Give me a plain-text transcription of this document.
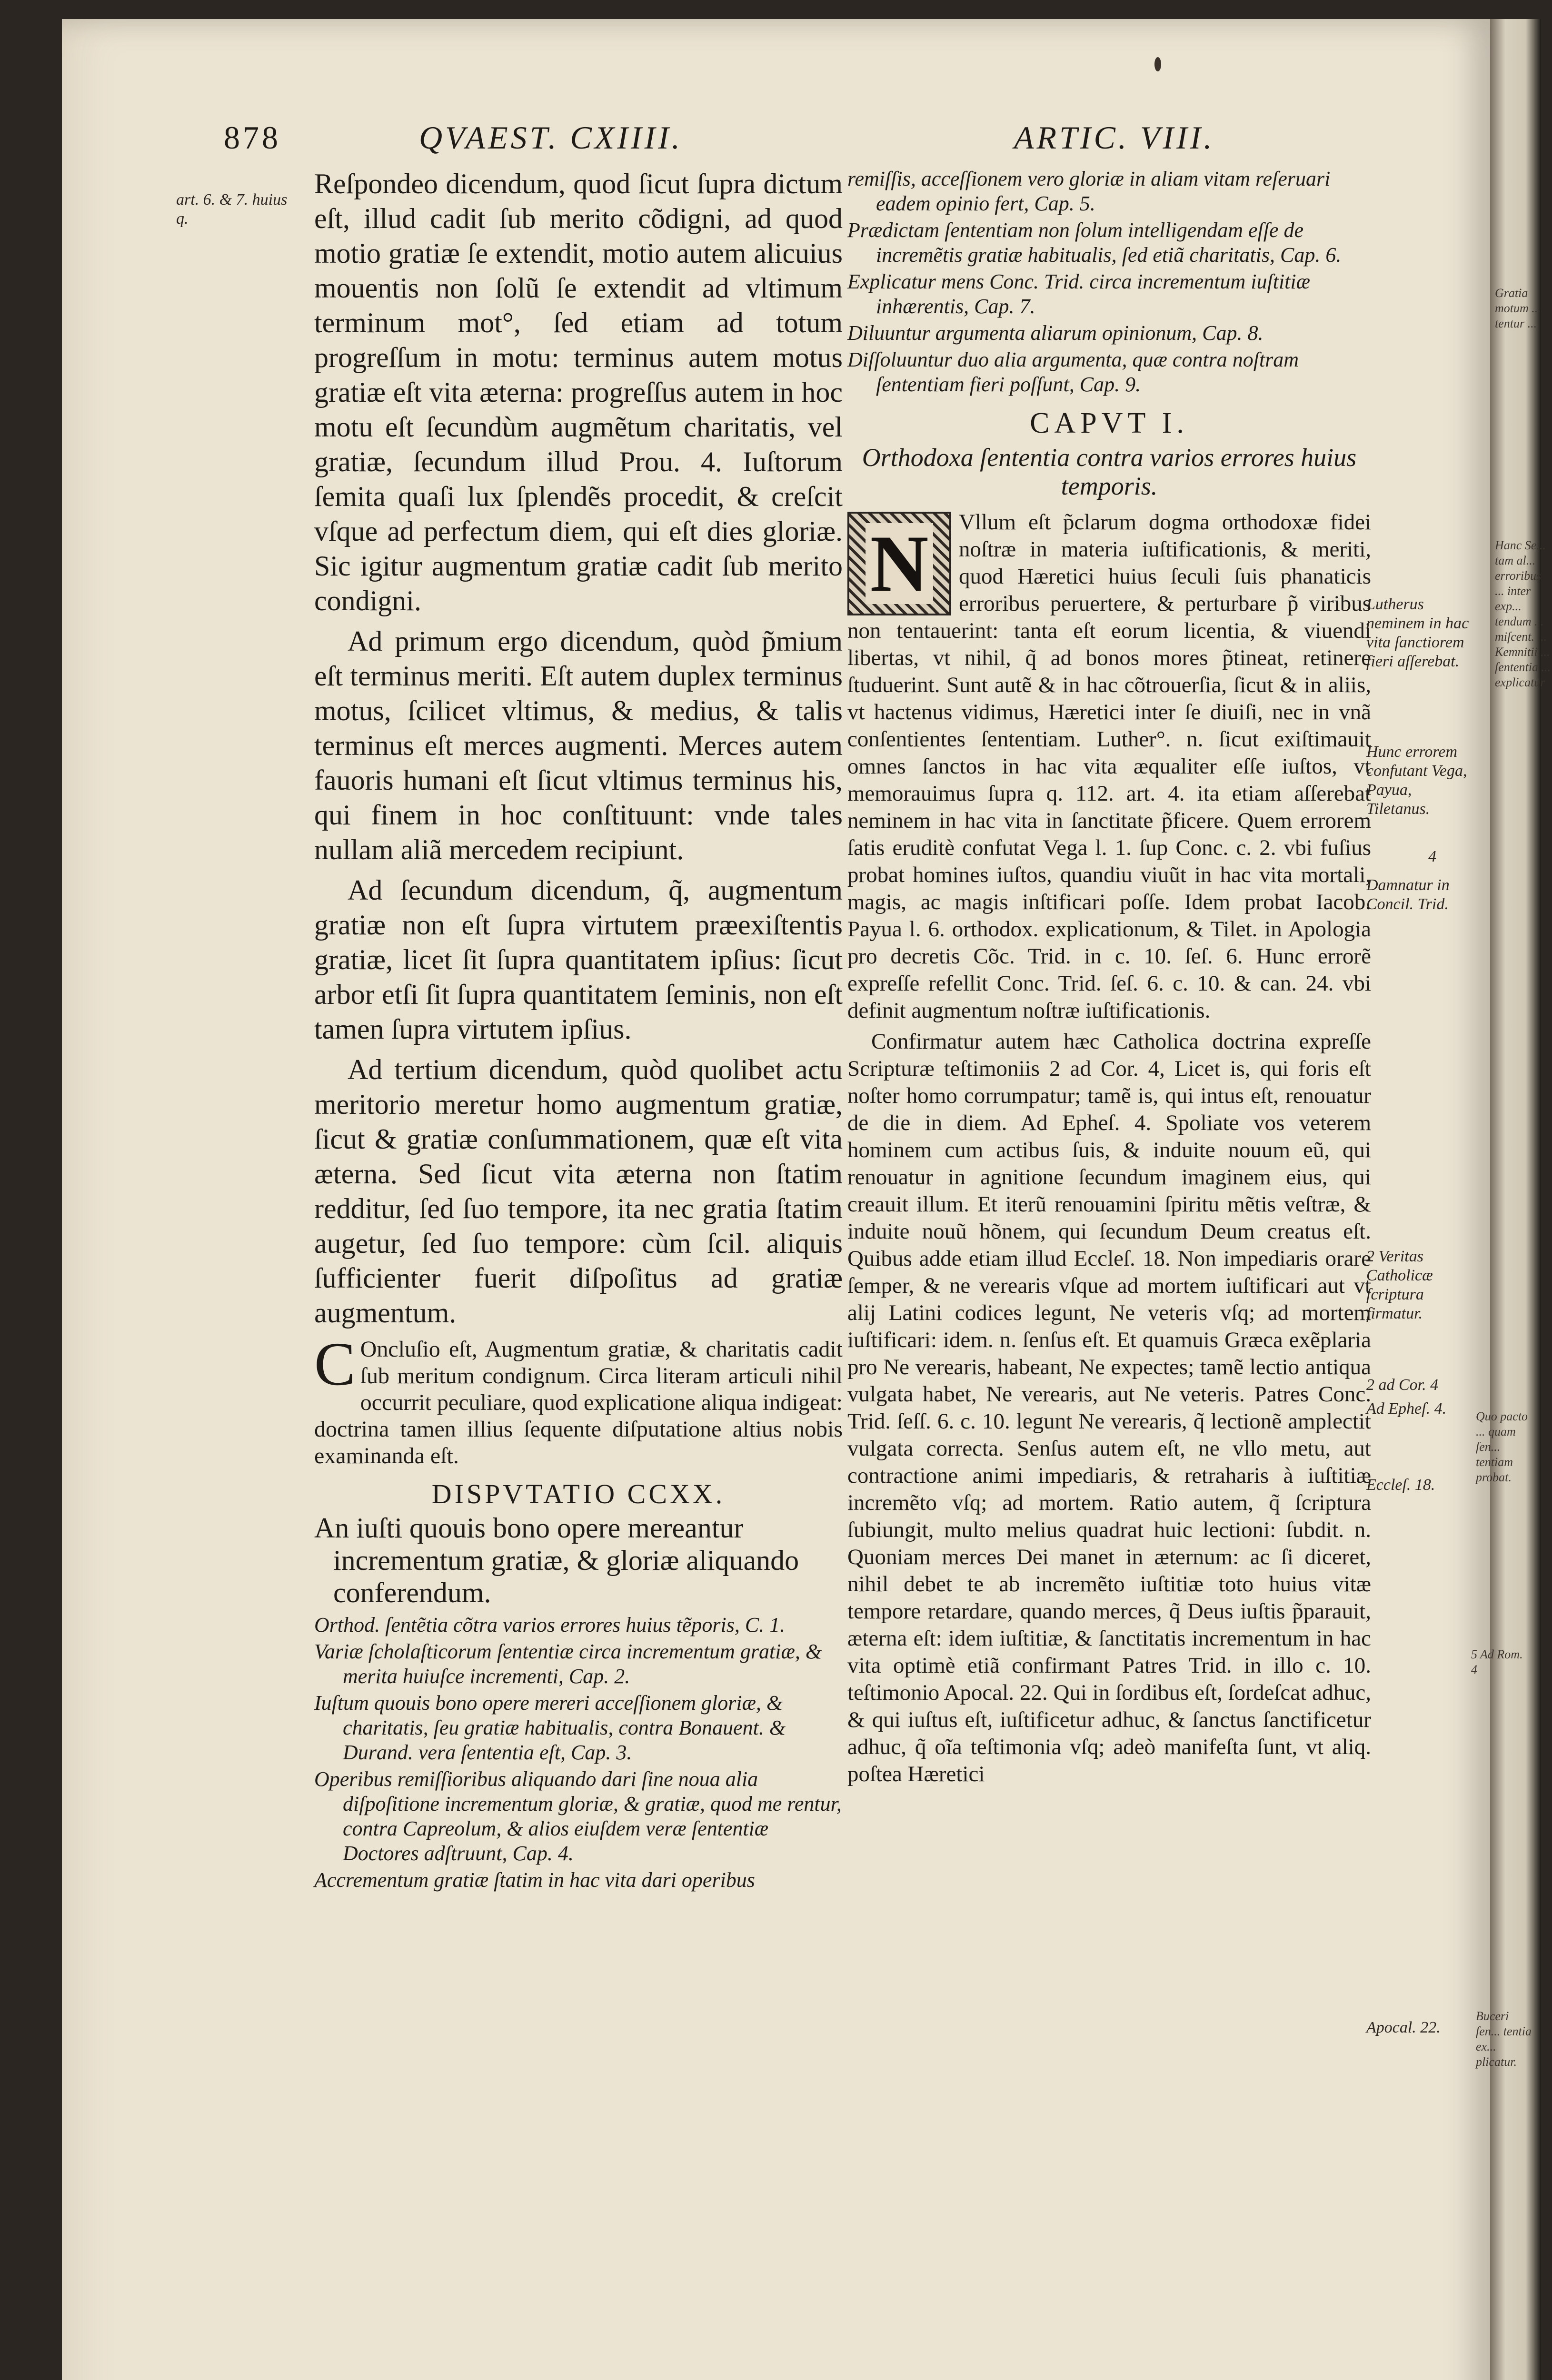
878	QVAEST. CXIIII.	ARTIC. VIII.
art. 6. & 7. huius q.

Reſpondeo dicendum, quod ſicut ſupra dictum eſt, illud cadit ſub merito cõdigni, ad quod motio gratiæ ſe extendit, motio autem alicuius mouentis non ſolũ ſe extendit ad vltimum terminum mot°, ſed etiam ad totum progreſſum in motu: terminus autem motus gratiæ eſt vita æterna: progreſſus autem in hoc motu eſt ſecundùm augmẽtum charitatis, vel gratiæ, ſecundum illud Prou. 4. Iuſtorum ſemita quaſi lux ſplendẽs procedit, & creſcit vſque ad perfectum diem, qui eſt dies gloriæ. Sic igitur augmentum gratiæ cadit ſub merito condigni.

Ad primum ergo dicendum, quòd p̃mium eſt terminus meriti. Eſt autem duplex terminus motus, ſcilicet vltimus, & medius, & talis terminus eſt merces augmenti. Merces autem fauoris humani eſt ſicut vltimus terminus his, qui finem in hoc conſtituunt: vnde tales nullam aliã mercedem recipiunt.

Ad ſecundum dicendum, q̃, augmentum gratiæ non eſt ſupra virtutem præexiſtentis gratiæ, licet ſit ſupra quantitatem ipſius: ſicut arbor etſi ſit ſupra quantitatem ſeminis, non eſt tamen ſupra virtutem ipſius.

Ad tertium dicendum, quòd quolibet actu meritorio meretur homo augmentum gratiæ, ſicut & gratiæ conſummationem, quæ eſt vita æterna. Sed ſicut vita æterna non ſtatim redditur, ſed ſuo tempore, ita nec gratia ſtatim augetur, ſed ſuo tempore: cùm ſcil. aliquis ſufficienter fuerit diſpoſitus ad gratiæ augmentum.

C Oncluſio eſt, Augmentum gratiæ, & charitatis cadit ſub meritum condignum. Circa literam articuli nihil occurrit peculiare, quod explicatione aliqua indigeat: doctrina tamen illius ſequente diſputatione altius nobis examinanda eſt.
DISPVTATIO CCXX.
An iuſti quouis bono opere mereantur incrementum gratiæ, & gloriæ aliquando conferendum.
Orthod. ſentẽtia cõtra varios errores huius tẽporis, C. 1.
Variæ ſcholaſticorum ſententiæ circa incrementum gratiæ, & merita huiuſce incrementi, Cap. 2.
Iuſtum quouis bono opere mereri acceſſionem gloriæ, & charitatis, ſeu gratiæ habitualis, contra Bonauent. & Durand. vera ſententia eſt, Cap. 3.
Operibus remiſſioribus aliquando dari ſine noua alia diſpoſitione incrementum gloriæ, & gratiæ, quod me rentur, contra Capreolum, & alios eiuſdem veræ ſententiæ Doctores adſtruunt, Cap. 4.
Accrementum gratiæ ſtatim in hac vita dari operibus
remiſſis, acceſſionem vero gloriæ in aliam vitam reſeruari eadem opinio fert, Cap. 5.
Prædictam ſententiam non ſolum intelligendam eſſe de incremẽtis gratiæ habitualis, ſed etiã charitatis, Cap. 6.
Explicatur mens Conc. Trid. circa incrementum iuſtitiæ inhærentis, Cap. 7.
Diluuntur argumenta aliarum opinionum, Cap. 8.
Diſſoluuntur duo alia argumenta, quæ contra noſtram ſententiam fieri poſſunt, Cap. 9.
CAPVT I.
Orthodoxa ſententia contra varios errores huius temporis.
N Vllum eſt p̃clarum dogma orthodoxæ fidei noſtræ in materia iuſtificationis, & meriti, quod Hæretici huius ſeculi ſuis phanaticis erroribus peruertere, & perturbare p̃ viribus non tentauerint: tanta eſt eorum licentia, & viuendi libertas, vt nihil, q̃ ad bonos mores p̃tineat, retinere ſtuduerint. Sunt autẽ & in hac cõtrouerſia, ſicut & in aliis, vt hactenus vidimus, Hæretici inter ſe diuiſi, nec in vnã conſentientes ſententiam. Luther°. n. ſicut exiſtimauit omnes ſanctos in hac vita æqualiter eſſe iuſtos, vt memorauimus ſupra q. 112. art. 4. ita etiam aſſerebat neminem in hac vita in ſanctitate p̃ficere. Quem errorem ſatis eruditè confutat Vega l. 1. ſup Conc. c. 2. vbi fuſius probat homines iuſtos, quandiu viuũt in hac vita mortali, magis, ac magis inſtificari poſſe. Idem probat Iacob. Payua l. 6. orthodox. explicationum, & Tilet. in Apologia pro decretis Cõc. Trid. in c. 10. ſeſ. 6. Hunc errorẽ expreſſe refellit Conc. Trid. ſeſ. 6. c. 10. & can. 24. vbi definit augmentum noſtræ iuſtificationis.

Confirmatur autem hæc Catholica doctrina expreſſe Scripturæ teſtimoniis 2 ad Cor. 4, Licet is, qui foris eſt noſter homo corrumpatur; tamẽ is, qui intus eſt, renouatur de die in diem. Ad Epheſ. 4. Spoliate vos veterem hominem cum actibus ſuis, & induite nouum eũ, qui renouatur in agnitione ſecundum imaginem eius, qui creauit illum. Et iterũ renouamini ſpiritu mẽtis veſtræ, & induite nouũ hõnem, qui ſecundum Deum creatus eſt. Quibus adde etiam illud Eccleſ. 18. Non impediaris orare ſemper, & ne verearis vſque ad mortem iuſtificari aut vt alij Latini codices legunt, Ne veteris vſq; ad mortem iuſtificari: idem. n. ſenſus eſt. Et quamuis Græca exẽplaria pro Ne verearis, habeant, Ne expectes; tamẽ lectio antiqua vulgata habet, Ne verearis, aut Ne veteris. Patres Conc. Trid. ſeſſ. 6. c. 10. legunt Ne verearis, q̃ lectionẽ amplectit vulgata correcta. Senſus autem eſt, ne vllo metu, aut contractione animi impediaris, & retraharis à iuſtitiæ incremẽto vſq; ad mortem. Ratio autem, q̃ ſcriptura ſubiungit, multo melius quadrat huic lectioni: ſubdit. n. Quoniam merces Dei manet in æternum: ac ſi diceret, nihil debet te ab incremẽto iuſtitiæ toto huius vitæ tempore retardare, quando merces, q̃ Deus iuſtis p̃parauit, æterna eſt: idem iuſtitiæ, & ſanctitatis incrementum in hac vita optimè etiã confirmant Patres Trid. in illo c. 10. teſtimonio Apocal. 22. Qui in ſordibus eſt, ſordeſcat adhuc, & qui iuſtus eſt, iuſtificetur adhuc, & ſanctus ſanctificetur adhuc, q̃ oĩa teſtimonia vſq; adeò manifeſta ſunt, vt aliq. poſtea Hæretici

Lutherus neminem in hac vita ſanctiorem fieri aſſerebat.
Hunc errorem confutant Vega, Payua, Tiletanus.
Damnatur in Concil. Trid.
4
2 Veritas Catholicæ ſcriptura firmatur.
2 ad Cor. 4
Ad Epheſ. 4.
Eccleſ. 18.
Apocal. 22.
Gratia motum ... tentur ...
Hanc Se... tam al... erroribus ... inter exp... tendum ... miſcent. ... Kemnitii ... ſententia ... explicatur
Quo pacto ... quam ſen... tentiam probat.
5 Ad Rom. 4
Buceri ſen... tentia ex... plicatur.
